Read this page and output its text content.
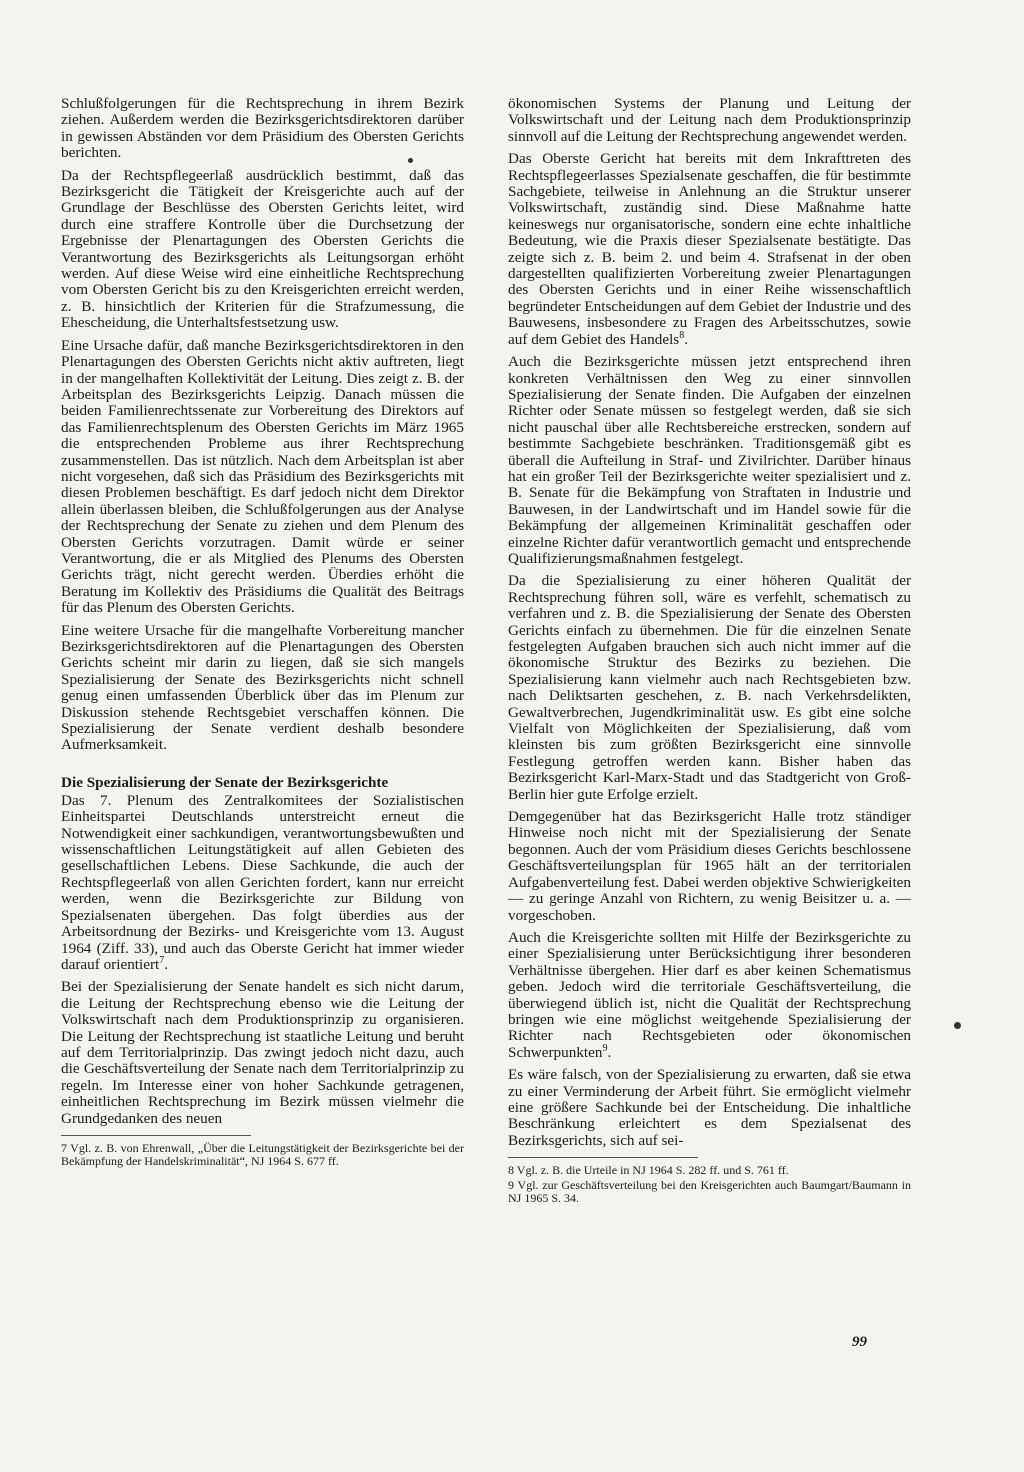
Schlußfolgerungen für die Rechtsprechung in ihrem Bezirk ziehen. Außerdem werden die Bezirksgerichtsdirektoren darüber in gewissen Abständen vor dem Präsidium des Obersten Gerichts berichten.

Da der Rechtspflegeerlaß ausdrücklich bestimmt, daß das Bezirksgericht die Tätigkeit der Kreisgerichte auch auf der Grundlage der Beschlüsse des Obersten Gerichts leitet, wird durch eine straffere Kontrolle über die Durchsetzung der Ergebnisse der Plenartagungen des Obersten Gerichts die Verantwortung des Bezirksgerichts als Leitungsorgan erhöht werden. Auf diese Weise wird eine einheitliche Rechtsprechung vom Obersten Gericht bis zu den Kreisgerichten erreicht werden, z. B. hinsichtlich der Kriterien für die Strafzumessung, die Ehescheidung, die Unterhaltsfestsetzung usw.

Eine Ursache dafür, daß manche Bezirksgerichtsdirektoren in den Plenartagungen des Obersten Gerichts nicht aktiv auftreten, liegt in der mangelhaften Kollektivität der Leitung. Dies zeigt z. B. der Arbeitsplan des Bezirksgerichts Leipzig. Danach müssen die beiden Familienrechtssenate zur Vorbereitung des Direktors auf das Familienrechtsplenum des Obersten Gerichts im März 1965 die entsprechenden Probleme aus ihrer Rechtsprechung zusammenstellen. Das ist nützlich. Nach dem Arbeitsplan ist aber nicht vorgesehen, daß sich das Präsidium des Bezirksgerichts mit diesen Problemen beschäftigt. Es darf jedoch nicht dem Direktor allein überlassen bleiben, die Schlußfolgerungen aus der Analyse der Rechtsprechung der Senate zu ziehen und dem Plenum des Obersten Gerichts vorzutragen. Damit würde er seiner Verantwortung, die er als Mitglied des Plenums des Obersten Gerichts trägt, nicht gerecht werden. Überdies erhöht die Beratung im Kollektiv des Präsidiums die Qualität des Beitrags für das Plenum des Obersten Gerichts.

Eine weitere Ursache für die mangelhafte Vorbereitung mancher Bezirksgerichtsdirektoren auf die Plenartagungen des Obersten Gerichts scheint mir darin zu liegen, daß sie sich mangels Spezialisierung der Senate des Bezirksgerichts nicht schnell genug einen umfassenden Überblick über das im Plenum zur Diskussion stehende Rechtsgebiet verschaffen können. Die Spezialisierung der Senate verdient deshalb besondere Aufmerksamkeit.

Die Spezialisierung der Senate der Bezirksgerichte

Das 7. Plenum des Zentralkomitees der Sozialistischen Einheitspartei Deutschlands unterstreicht erneut die Notwendigkeit einer sachkundigen, verantwortungsbewußten und wissenschaftlichen Leitungstätigkeit auf allen Gebieten des gesellschaftlichen Lebens. Diese Sachkunde, die auch der Rechtspflegeerlaß von allen Gerichten fordert, kann nur erreicht werden, wenn die Bezirksgerichte zur Bildung von Spezialsenaten übergehen. Das folgt überdies aus der Arbeitsordnung der Bezirks- und Kreisgerichte vom 13. August 1964 (Ziff. 33), und auch das Oberste Gericht hat immer wieder darauf orientiert$^7$.

Bei der Spezialisierung der Senate handelt es sich nicht darum, die Leitung der Rechtsprechung ebenso wie die Leitung der Volkswirtschaft nach dem Produktionsprinzip zu organisieren. Die Leitung der Rechtsprechung ist staatliche Leitung und beruht auf dem Territorialprinzip. Das zwingt jedoch nicht dazu, auch die Geschäftsverteilung der Senate nach dem Territorialprinzip zu regeln. Im Interesse einer von hoher Sachkunde getragenen, einheitlichen Rechtsprechung im Bezirk müssen vielmehr die Grundgedanken des neuen

7 Vgl. z. B. von Ehrenwall, „Über die Leitungstätigkeit der Bezirksgerichte bei der Bekämpfung der Handelskriminalität“, NJ 1964 S. 677 ff.

ökonomischen Systems der Planung und Leitung der Volkswirtschaft und der Leitung nach dem Produktionsprinzip sinnvoll auf die Leitung der Rechtsprechung angewendet werden.

Das Oberste Gericht hat bereits mit dem Inkrafttreten des Rechtspflegeerlasses Spezialsenate geschaffen, die für bestimmte Sachgebiete, teilweise in Anlehnung an die Struktur unserer Volkswirtschaft, zuständig sind. Diese Maßnahme hatte keineswegs nur organisatorische, sondern eine echte inhaltliche Bedeutung, wie die Praxis dieser Spezialsenate bestätigte. Das zeigte sich z. B. beim 2. und beim 4. Strafsenat in der oben dargestellten qualifizierten Vorbereitung zweier Plenartagungen des Obersten Gerichts und in einer Reihe wissenschaftlich begründeter Entscheidungen auf dem Gebiet der Industrie und des Bauwesens, insbesondere zu Fragen des Arbeitsschutzes, sowie auf dem Gebiet des Handels$^8$.

Auch die Bezirksgerichte müssen jetzt entsprechend ihren konkreten Verhältnissen den Weg zu einer sinnvollen Spezialisierung der Senate finden. Die Aufgaben der einzelnen Richter oder Senate müssen so festgelegt werden, daß sie sich nicht pauschal über alle Rechtsbereiche erstrecken, sondern auf bestimmte Sachgebiete beschränken. Traditionsgemäß gibt es überall die Aufteilung in Straf- und Zivilrichter. Darüber hinaus hat ein großer Teil der Bezirksgerichte weiter spezialisiert und z. B. Senate für die Bekämpfung von Straftaten in Industrie und Bauwesen, in der Landwirtschaft und im Handel sowie für die Bekämpfung der allgemeinen Kriminalität geschaffen oder einzelne Richter dafür verantwortlich gemacht und entsprechende Qualifizierungsmaßnahmen festgelegt.

Da die Spezialisierung zu einer höheren Qualität der Rechtsprechung führen soll, wäre es verfehlt, schematisch zu verfahren und z. B. die Spezialisierung der Senate des Obersten Gerichts einfach zu übernehmen. Die für die einzelnen Senate festgelegten Aufgaben brauchen sich auch nicht immer auf die ökonomische Struktur des Bezirks zu beziehen. Die Spezialisierung kann vielmehr auch nach Rechtsgebieten bzw. nach Deliktsarten geschehen, z. B. nach Verkehrsdelikten, Gewaltverbrechen, Jugendkriminalität usw. Es gibt eine solche Vielfalt von Möglichkeiten der Spezialisierung, daß vom kleinsten bis zum größten Bezirksgericht eine sinnvolle Festlegung getroffen werden kann. Bisher haben das Bezirksgericht Karl-Marx-Stadt und das Stadtgericht von Groß-Berlin hier gute Erfolge erzielt.

Demgegenüber hat das Bezirksgericht Halle trotz ständiger Hinweise noch nicht mit der Spezialisierung der Senate begonnen. Auch der vom Präsidium dieses Gerichts beschlossene Geschäftsverteilungsplan für 1965 hält an der territorialen Aufgabenverteilung fest. Dabei werden objektive Schwierigkeiten — zu geringe Anzahl von Richtern, zu wenig Beisitzer u. a. — vorgeschoben.

Auch die Kreisgerichte sollten mit Hilfe der Bezirksgerichte zu einer Spezialisierung unter Berücksichtigung ihrer besonderen Verhältnisse übergehen. Hier darf es aber keinen Schematismus geben. Jedoch wird die territoriale Geschäftsverteilung, die überwiegend üblich ist, nicht die Qualität der Rechtsprechung bringen wie eine möglichst weitgehende Spezialisierung der Richter nach Rechtsgebieten oder ökonomischen Schwerpunkten$^9$.

Es wäre falsch, von der Spezialisierung zu erwarten, daß sie etwa zu einer Verminderung der Arbeit führt. Sie ermöglicht vielmehr eine größere Sachkunde bei der Entscheidung. Die inhaltliche Beschränkung erleichtert es dem Spezialsenat des Bezirksgerichts, sich auf sei-

8 Vgl. z. B. die Urteile in NJ 1964 S. 282 ff. und S. 761 ff.

9 Vgl. zur Geschäftsverteilung bei den Kreisgerichten auch Baumgart/Baumann in NJ 1965 S. 34.

99
